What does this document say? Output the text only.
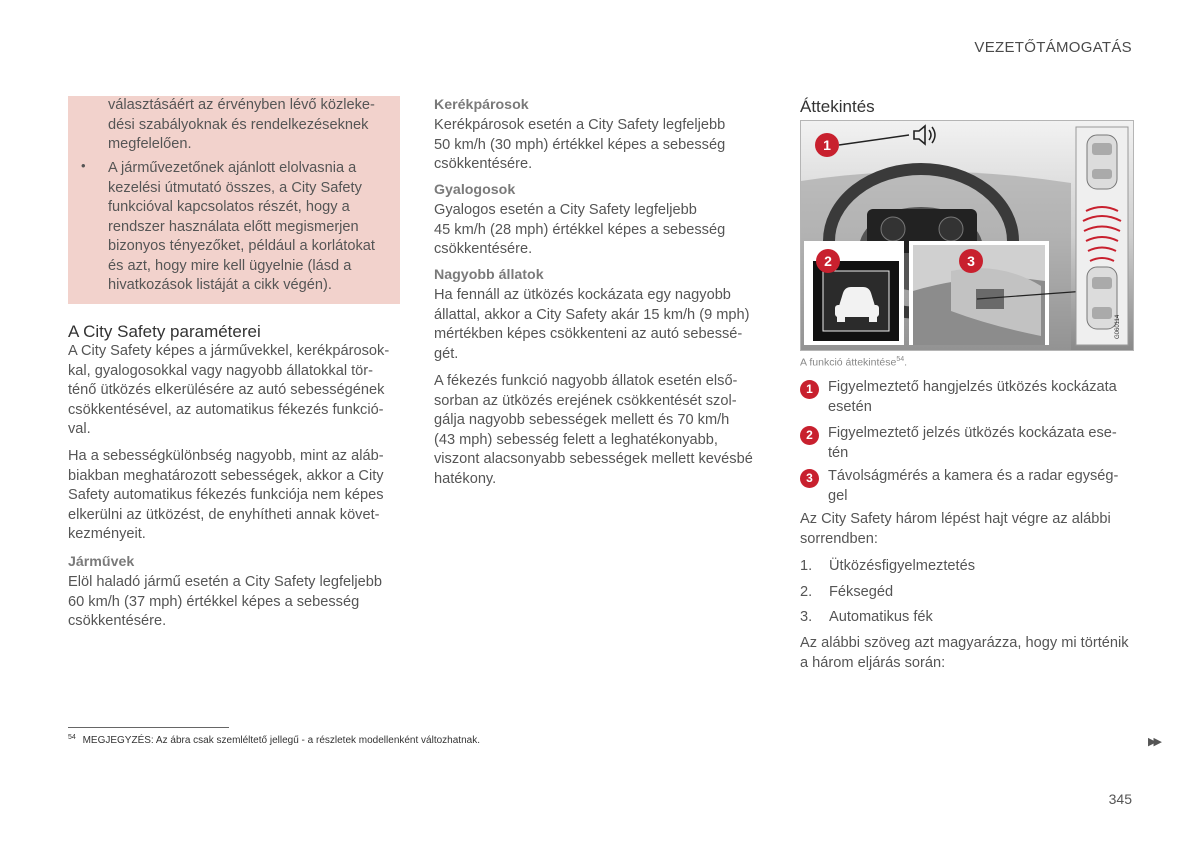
VEZETŐTÁMOGATÁS
választásáért az érvényben lévő közleke-
dési szabályoknak és rendelkezéseknek
megfelelően.
• A járművezetőnek ajánlott elolvasnia a
kezelési útmutató összes, a City Safety
funkcióval kapcsolatos részét, hogy a
rendszer használata előtt megismerjen
bizonyos tényezőket, például a korlátokat
és azt, hogy mire kell ügyelnie (lásd a
hivatkozások listáját a cikk végén).
A City Safety paraméterei
A City Safety képes a járművekkel, kerékpárosok-
kal, gyalogosokkal vagy nagyobb állatokkal tör-
ténő ütközés elkerülésére az autó sebességének
csökkentésével, az automatikus fékezés funkció-
val.
Ha a sebességkülönbség nagyobb, mint az aláb-
biakban meghatározott sebességek, akkor a City
Safety automatikus fékezés funkciója nem képes
elkerülni az ütközést, de enyhítheti annak követ-
kezményeit.
Járművek
Elöl haladó jármű esetén a City Safety legfeljebb
60 km/h (37 mph) értékkel képes a sebesség
csökkentésére.
Kerékpárosok
Kerékpárosok esetén a City Safety legfeljebb
50 km/h (30 mph) értékkel képes a sebesség
csökkentésére.
Gyalogosok
Gyalogos esetén a City Safety legfeljebb
45 km/h (28 mph) értékkel képes a sebesség
csökkentésére.
Nagyobb állatok
Ha fennáll az ütközés kockázata egy nagyobb
állattal, akkor a City Safety akár 15 km/h (9 mph)
mértékben képes csökkenteni az autó sebessé-
gét.
A fékezés funkció nagyobb állatok esetén első-
sorban az ütközés erejének csökkentését szol-
gálja nagyobb sebességek mellett és 70 km/h
(43 mph) sebesség felett a leghatékonyabb,
viszont alacsonyabb sebességek mellett kevésbé
hatékony.
Áttekintés
G060114
1
2	3
A funkció áttekintése$^{54}$.
1	Figyelmeztető hangjelzés ütközés kockázata
esetén
2	Figyelmeztető jelzés ütközés kockázata ese-
tén
3	Távolságmérés a kamera és a radar egység-
gel
Az City Safety három lépést hajt végre az alábbi
sorrendben:
1. Ütközésfigyelmeztetés
2. Féksegéd
3. Automatikus fék
Az alábbi szöveg azt magyarázza, hogy mi történik
a három eljárás során:
$^{54}$ MEGJEGYZÉS: Az ábra csak szemléltető jellegű - a részletek modellenként változhatnak.	▶▶
345
